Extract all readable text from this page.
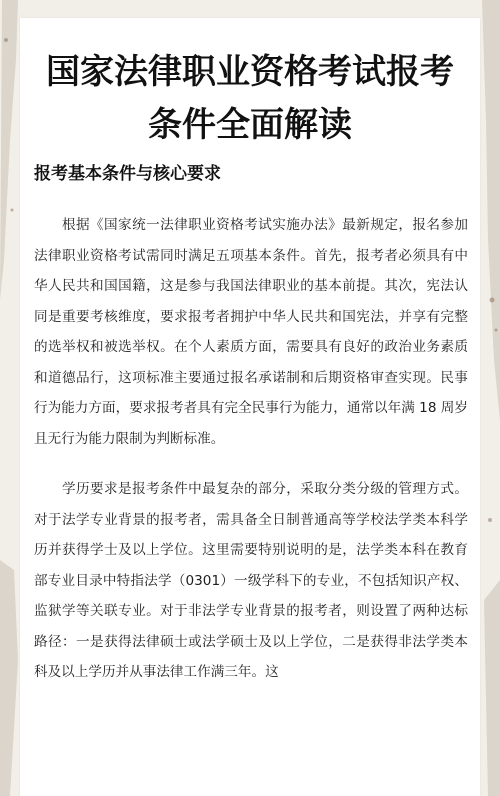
国家法律职业资格考试报考条件全面解读
报考基本条件与核心要求

根据《国家统一法律职业资格考试实施办法》最新规定，报名参加法律职业资格考试需同时满足五项基本条件。首先，报考者必须具有中华人民共和国国籍，这是参与我国法律职业的基本前提。其次，宪法认同是重要考核维度，要求报考者拥护中华人民共和国宪法，并享有完整的选举权和被选举权。在个人素质方面，需要具有良好的政治业务素质和道德品行，这项标准主要通过报名承诺制和后期资格审查实现。民事行为能力方面，要求报考者具有完全民事行为能力，通常以年满 18 周岁且无行为能力限制为判断标准。

学历要求是报考条件中最复杂的部分，采取分类分级的管理方式。对于法学专业背景的报考者，需具备全日制普通高等学校法学类本科学历并获得学士及以上学位。这里需要特别说明的是，法学类本科在教育部专业目录中特指法学（0301）一级学科下的专业，不包括知识产权、监狱学等关联专业。对于非法学专业背景的报考者，则设置了两种达标路径：一是获得法律硕士或法学硕士及以上学位，二是获得非法学类本科及以上学历并从事法律工作满三年。这
